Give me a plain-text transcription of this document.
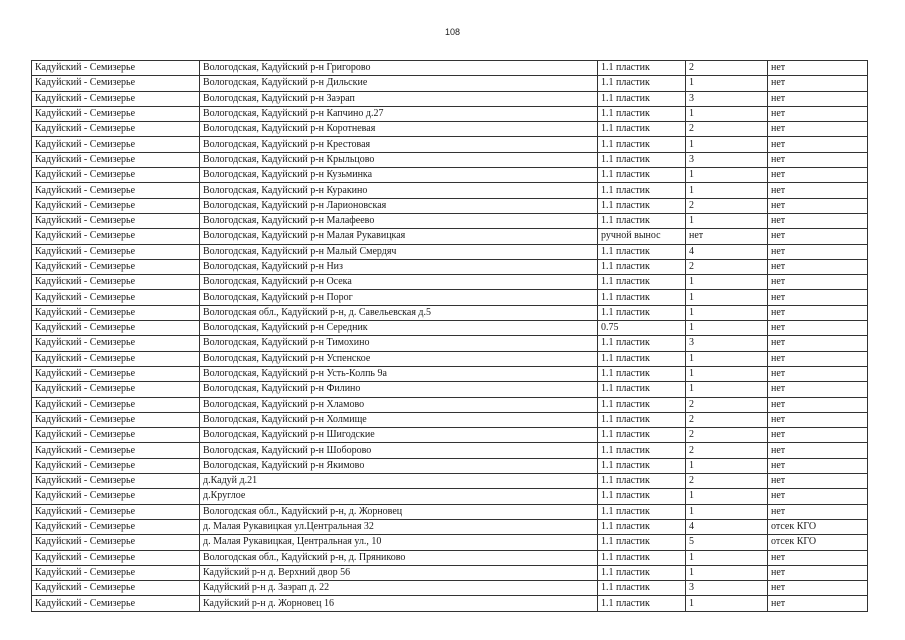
108
Кадуйский - Семизерье	Вологодская, Кадуйский р-н Григорово	1.1 пластик	2	нет
Кадуйский - Семизерье	Вологодская, Кадуйский р-н Дильские	1.1 пластик	1	нет
Кадуйский - Семизерье	Вологодская, Кадуйский р-н Заэрап	1.1 пластик	3	нет
Кадуйский - Семизерье	Вологодская, Кадуйский р-н Капчино д.27	1.1 пластик	1	нет
Кадуйский - Семизерье	Вологодская, Кадуйский р-н Коротневая	1.1 пластик	2	нет
Кадуйский - Семизерье	Вологодская, Кадуйский р-н Крестовая	1.1 пластик	1	нет
Кадуйский - Семизерье	Вологодская, Кадуйский р-н Крыльцово	1.1 пластик	3	нет
Кадуйский - Семизерье	Вологодская, Кадуйский р-н Кузьминка	1.1 пластик	1	нет
Кадуйский - Семизерье	Вологодская, Кадуйский р-н Куракино	1.1 пластик	1	нет
Кадуйский - Семизерье	Вологодская, Кадуйский р-н Ларионовская	1.1 пластик	2	нет
Кадуйский - Семизерье	Вологодская, Кадуйский р-н Малафеево	1.1 пластик	1	нет
Кадуйский - Семизерье	Вологодская, Кадуйский р-н Малая Рукавицкая	ручной вынос	нет	нет
Кадуйский - Семизерье	Вологодская, Кадуйский р-н Малый Смердяч	1.1 пластик	4	нет
Кадуйский - Семизерье	Вологодская, Кадуйский р-н Низ	1.1 пластик	2	нет
Кадуйский - Семизерье	Вологодская, Кадуйский р-н Осека	1.1 пластик	1	нет
Кадуйский - Семизерье	Вологодская, Кадуйский р-н Порог	1.1 пластик	1	нет
Кадуйский - Семизерье	Вологодская обл., Кадуйский р-н, д. Савельевская д.5	1.1 пластик	1	нет
Кадуйский - Семизерье	Вологодская, Кадуйский р-н Середник	0.75	1	нет
Кадуйский - Семизерье	Вологодская, Кадуйский р-н Тимохино	1.1 пластик	3	нет
Кадуйский - Семизерье	Вологодская, Кадуйский р-н Успенское	1.1 пластик	1	нет
Кадуйский - Семизерье	Вологодская, Кадуйский р-н Усть-Колпь 9а	1.1 пластик	1	нет
Кадуйский - Семизерье	Вологодская, Кадуйский р-н Филино	1.1 пластик	1	нет
Кадуйский - Семизерье	Вологодская, Кадуйский р-н Хламово	1.1 пластик	2	нет
Кадуйский - Семизерье	Вологодская, Кадуйский р-н Холмище	1.1 пластик	2	нет
Кадуйский - Семизерье	Вологодская, Кадуйский р-н Шигодские	1.1 пластик	2	нет
Кадуйский - Семизерье	Вологодская, Кадуйский р-н Шоборово	1.1 пластик	2	нет
Кадуйский - Семизерье	Вологодская, Кадуйский р-н Якимово	1.1 пластик	1	нет
Кадуйский - Семизерье	д.Кадуй д.21	1.1 пластик	2	нет
Кадуйский - Семизерье	д.Круглое	1.1 пластик	1	нет
Кадуйский - Семизерье	Вологодская обл., Кадуйский р-н, д. Жорновец	1.1 пластик	1	нет
Кадуйский - Семизерье	д. Малая Рукавицкая ул.Центральная 32	1.1 пластик	4	отсек КГО
Кадуйский - Семизерье	д. Малая Рукавицкая, Центральная ул., 10	1.1 пластик	5	отсек КГО
Кадуйский - Семизерье	Вологодская обл., Кадуйский р-н, д. Пряниково	1.1 пластик	1	нет
Кадуйский - Семизерье	Кадуйский р-н д. Верхний двор 56	1.1 пластик	1	нет
Кадуйский - Семизерье	Кадуйский р-н д. Заэрап д. 22	1.1 пластик	3	нет
Кадуйский - Семизерье	Кадуйский р-н д. Жорновец 16	1.1 пластик	1	нет
